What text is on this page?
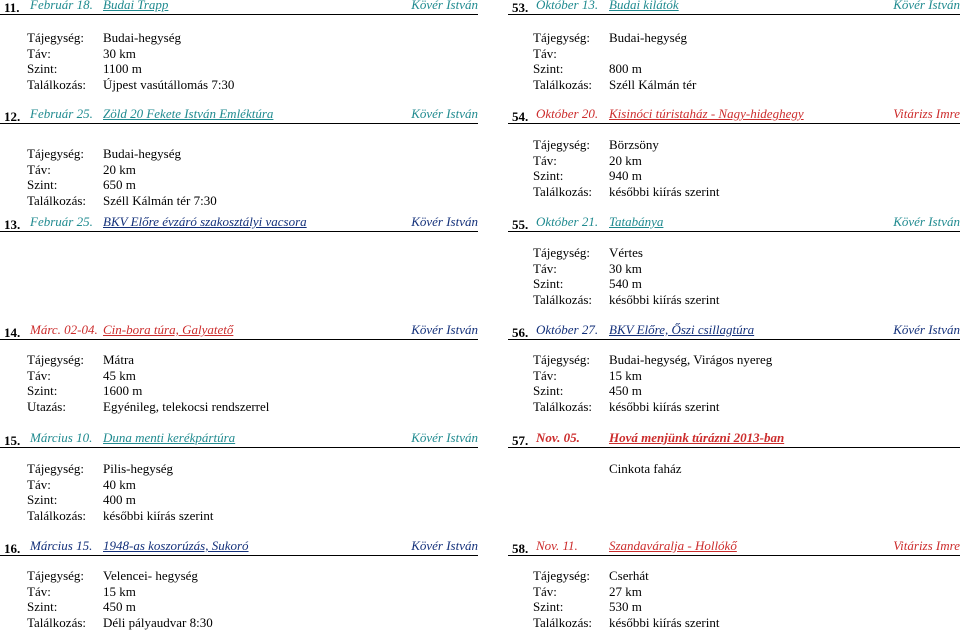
11. Február 18. Budai Trapp	Kövér István
Tájegység: Budai-hegység
Táv:	30 km
Szint:	1100 m
Találkozás: Újpest vasútállomás 7:30
12. Február 25. Zöld 20 Fekete István Emléktúra	Kövér István
Tájegység: Budai-hegység
Táv:	20 km
Szint:	650 m
Találkozás: Széll Kálmán tér 7:30
13. Február 25. BKV Előre évzáró szakosztályi vacsora	Kövér István
14. Márc. 02-04. Cin-bora túra, Galyatető	Kövér István
Tájegység: Mátra
Táv:	45 km
Szint:	1600 m
Utazás:	Egyénileg, telekocsi rendszerrel
15. Március 10. Duna menti kerékpártúra	Kövér István
Tájegység: Pilis-hegység
Táv:	40 km
Szint:	400 m
Találkozás: későbbi kiírás szerint
16. Március 15. 1948-as koszorúzás, Sukoró	Kövér István
Tájegység: Velencei- hegység
Táv:	15 km
Szint:	450 m
Találkozás: Déli pályaudvar 8:30
53. Október 13. Budai kilátók	Kövér István
Tájegység: Budai-hegység
Táv:
Szint:	800 m
Találkozás: Széll Kálmán tér
54. Október 20. Kisinóci túristaház - Nagy-hideghegy	Vitárizs Imre
Tájegység: Börzsöny
Táv:	20 km
Szint:	940 m
Találkozás: későbbi kiírás szerint
55. Október 21. Tatabánya	Kövér István
Tájegység: Vértes
Táv:	30 km
Szint:	540 m
Találkozás: későbbi kiírás szerint
56. Október 27. BKV Előre, Őszi csillagtúra	Kövér István
Tájegység: Budai-hegység, Virágos nyereg
Táv:	15 km
Szint:	450 m
Találkozás: későbbi kiírás szerint
57. Nov. 05. Hová menjünk túrázni 2013-ban
Cinkota faház
58. Nov. 11. Szandaváralja - Hollókő	Vitárizs Imre
Tájegység: Cserhát
Táv:	27 km
Szint:	530 m
Találkozás: későbbi kiírás szerint
